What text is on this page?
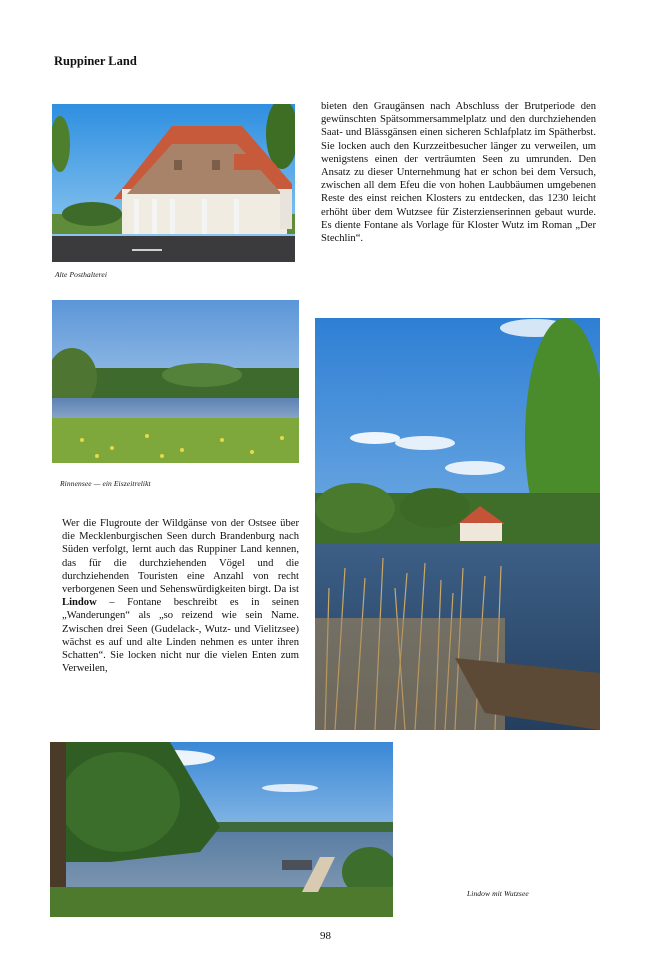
Ruppiner Land
Alte Posthalterei
Rinnensee — ein Eiszeitrelikt
Lindow mit Wutzsee

bieten den Graugänsen nach Abschluss der Brutperiode den gewünschten Spätsommersammelplatz und den durchziehenden Saat- und Blässgänsen einen sicheren Schlafplatz im Spätherbst. Sie locken auch den Kurzzeitbesucher länger zu verweilen, um wenigstens einen der verträumten Seen zu umrunden. Den Ansatz zu dieser Unternehmung hat er schon bei dem Versuch, zwischen all dem Efeu die von hohen Laubbäumen umgebenen Reste des einst reichen Klosters zu entdecken, das 1230 leicht erhöht über dem Wutzsee für Zisterzienserinnen gebaut wurde. Es diente Fontane als Vorlage für Kloster Wutz im Roman „Der Stechlin“.

Wer die Flugroute der Wildgänse von der Ostsee über die Mecklenburgischen Seen durch Brandenburg nach Süden verfolgt, lernt auch das Ruppiner Land kennen, das für die durchziehenden Vögel und die durchziehenden Touristen eine Anzahl von recht verborgenen Seen und Sehenswürdigkeiten birgt. Da ist Lindow – Fontane beschreibt es in seinen „Wanderungen“ als „so reizend wie sein Name. Zwischen drei Seen (Gudelack-, Wutz- und Vielitzsee) wächst es auf und alte Linden nehmen es unter ihren Schatten“. Sie locken nicht nur die vielen Enten zum Verweilen,

98
